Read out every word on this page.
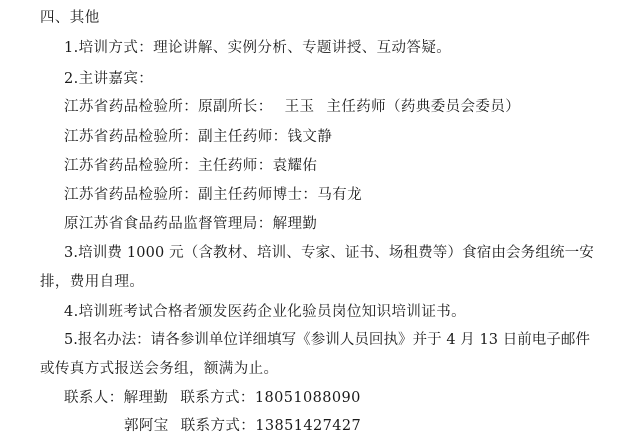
四、其他
1.培训方式：理论讲解、实例分析、专题讲授、互动答疑。
2.主讲嘉宾：
江苏省药品检验所：原副所长： 王玉 主任药师（药典委员会委员）
江苏省药品检验所：副主任药师：钱文静
江苏省药品检验所：主任药师：袁耀佑
江苏省药品检验所：副主任药师博士：马有龙
原江苏省食品药品监督管理局：解理勤
3.培训费 1000 元（含教材、培训、专家、证书、场租费等）食宿由会务组统一安
排，费用自理。
4.培训班考试合格者颁发医药企业化验员岗位知识培训证书。
5.报名办法：请各参训单位详细填写《参训人员回执》并于 4 月 13 日前电子邮件
或传真方式报送会务组，额满为止。
联系人：解理勤 联系方式：18051088090
郭阿宝 联系方式：13851427427
